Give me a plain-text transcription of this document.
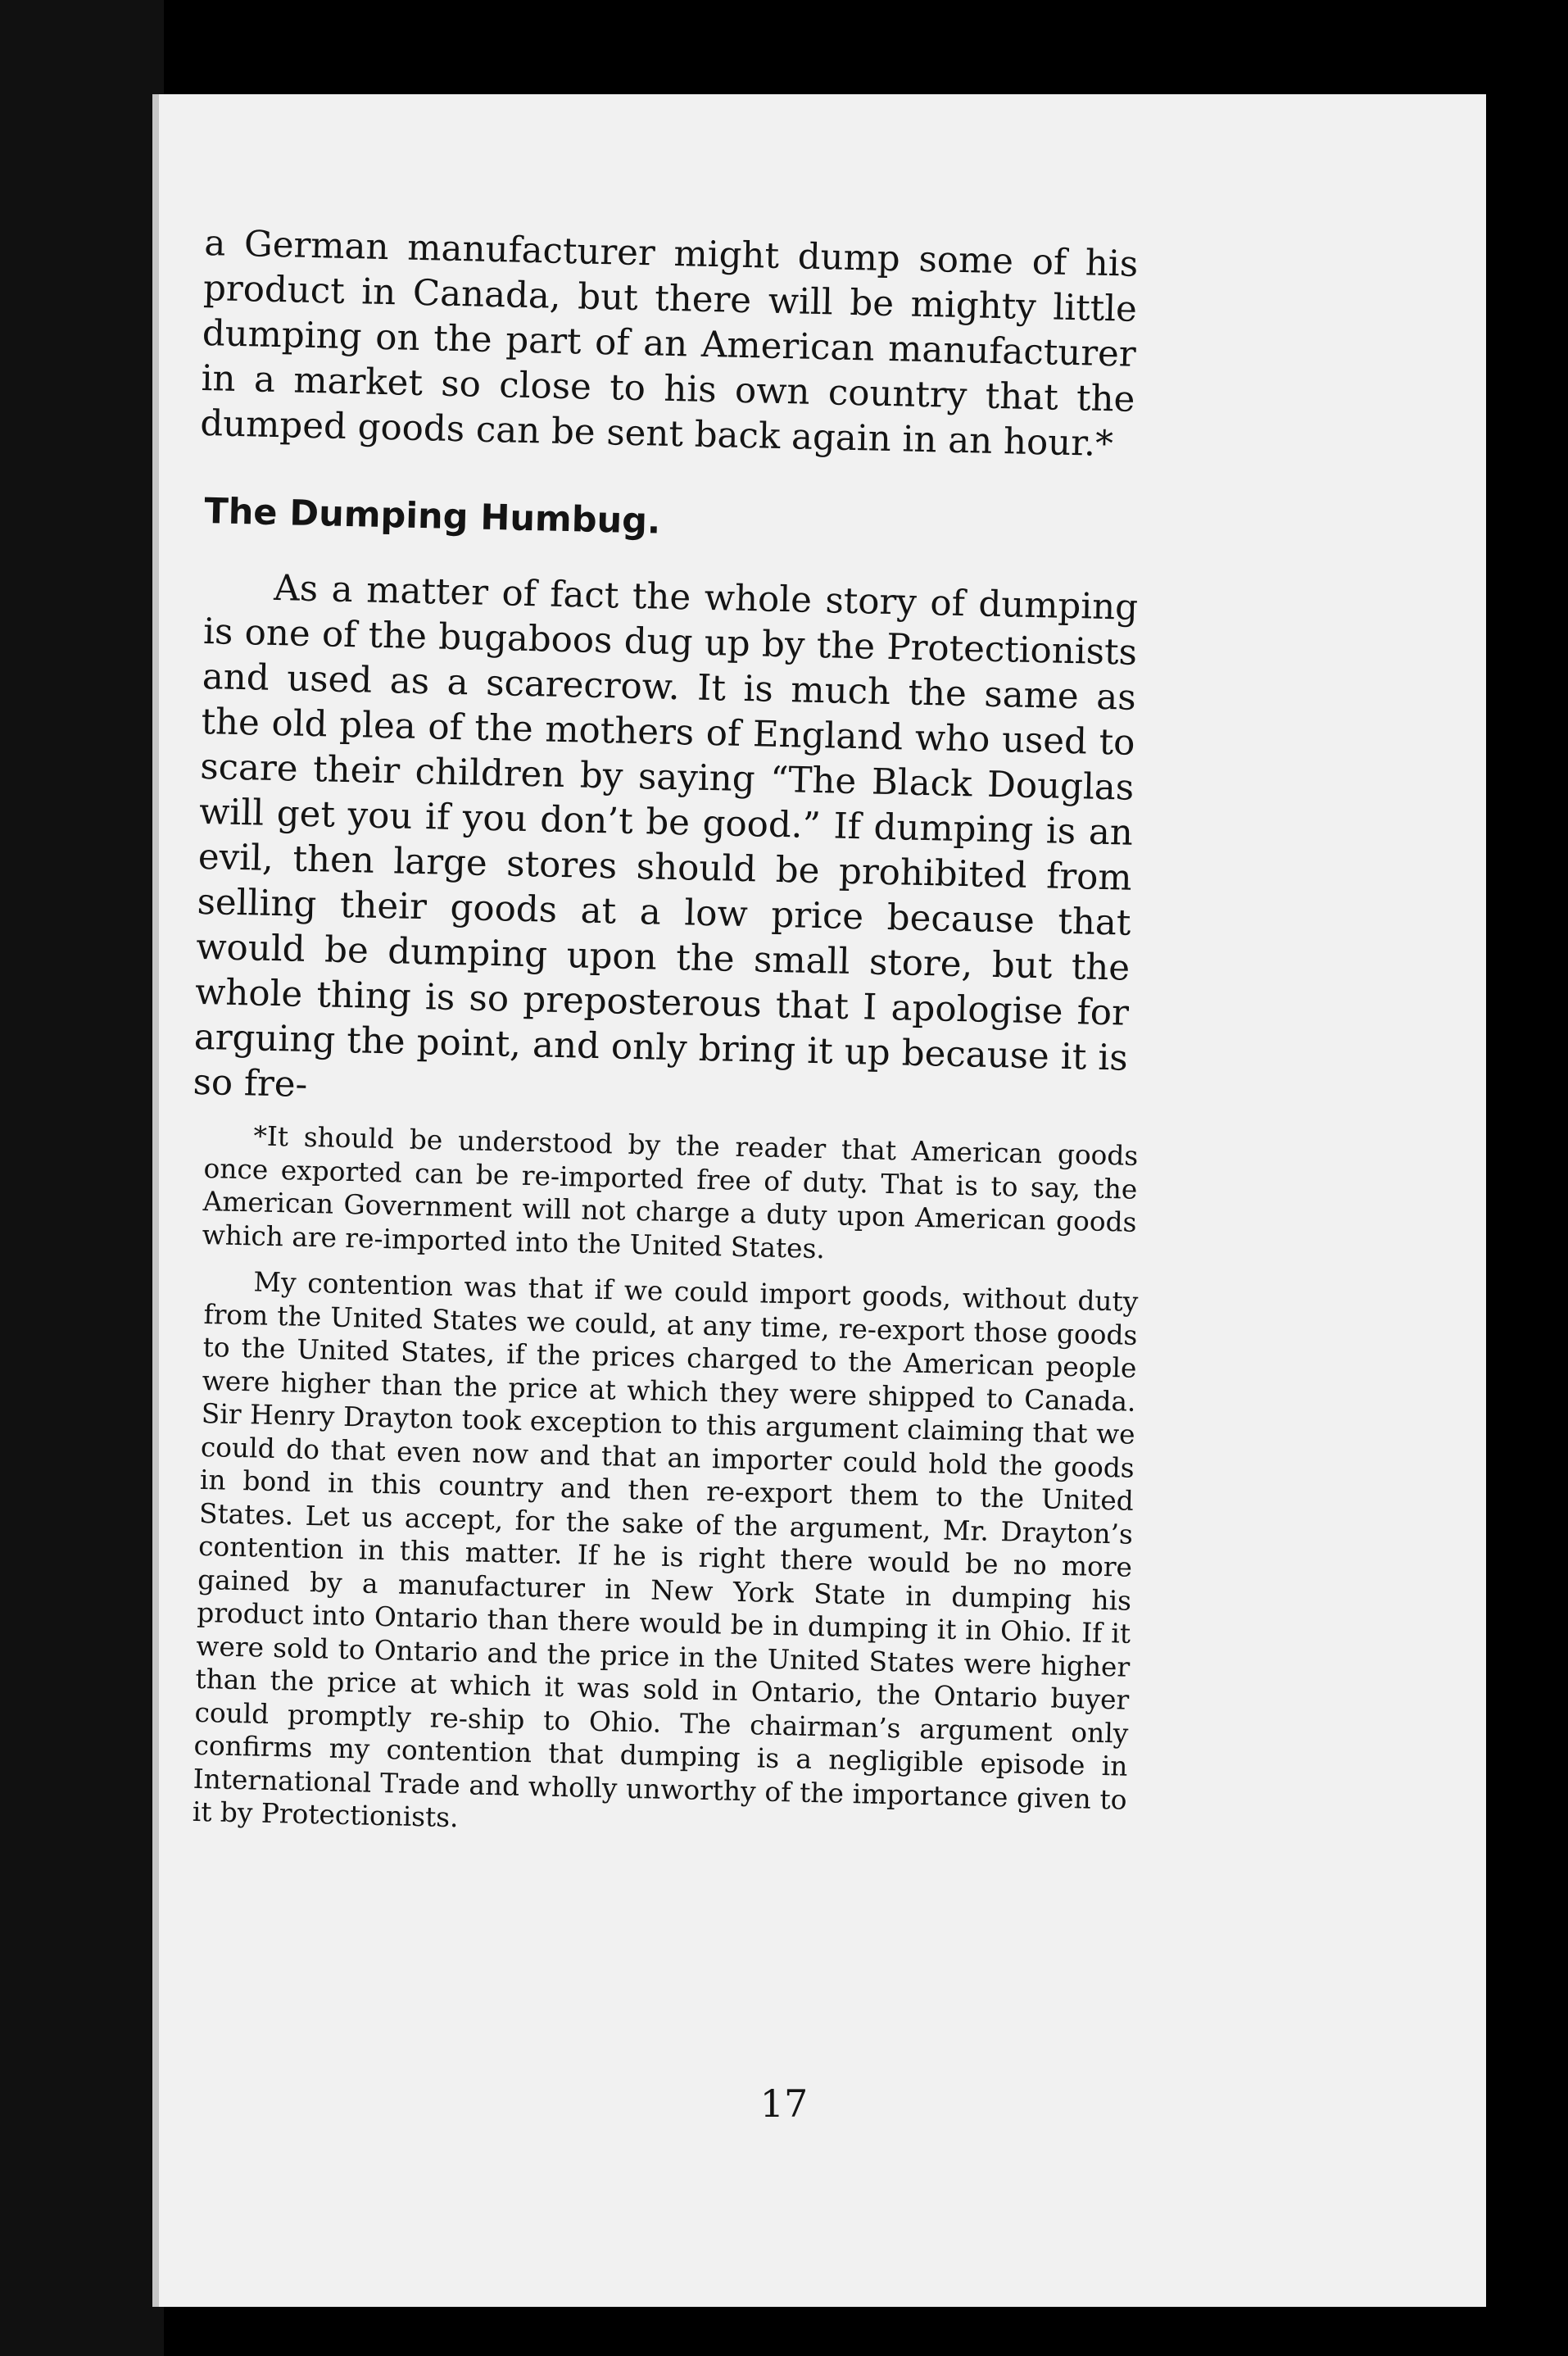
a German manufacturer might dump some of his product in Canada, but there will be mighty little dumping on the part of an American manufacturer in a market so close to his own country that the dumped goods can be sent back again in an hour.*

The Dumping Humbug.

As a matter of fact the whole story of dumping is one of the bugaboos dug up by the Protectionists and used as a scarecrow. It is much the same as the old plea of the mothers of England who used to scare their children by saying “The Black Douglas will get you if you don’t be good.” If dumping is an evil, then large stores should be prohibited from selling their goods at a low price because that would be dumping upon the small store, but the whole thing is so preposterous that I apologise for arguing the point, and only bring it up because it is so fre-

*It should be understood by the reader that American goods once exported can be re-imported free of duty. That is to say, the American Government will not charge a duty upon American goods which are re-imported into the United States.

My contention was that if we could import goods, without duty from the United States we could, at any time, re-export those goods to the United States, if the prices charged to the American people were higher than the price at which they were shipped to Canada. Sir Henry Drayton took exception to this argument claiming that we could do that even now and that an importer could hold the goods in bond in this country and then re-export them to the United States. Let us accept, for the sake of the argument, Mr. Drayton’s contention in this matter. If he is right there would be no more gained by a manufacturer in New York State in dumping his product into Ontario than there would be in dumping it in Ohio. If it were sold to Ontario and the price in the United States were higher than the price at which it was sold in Ontario, the Ontario buyer could promptly re-ship to Ohio. The chairman’s argument only confirms my contention that dumping is a negligible episode in International Trade and wholly unworthy of the importance given to it by Protectionists.

17
